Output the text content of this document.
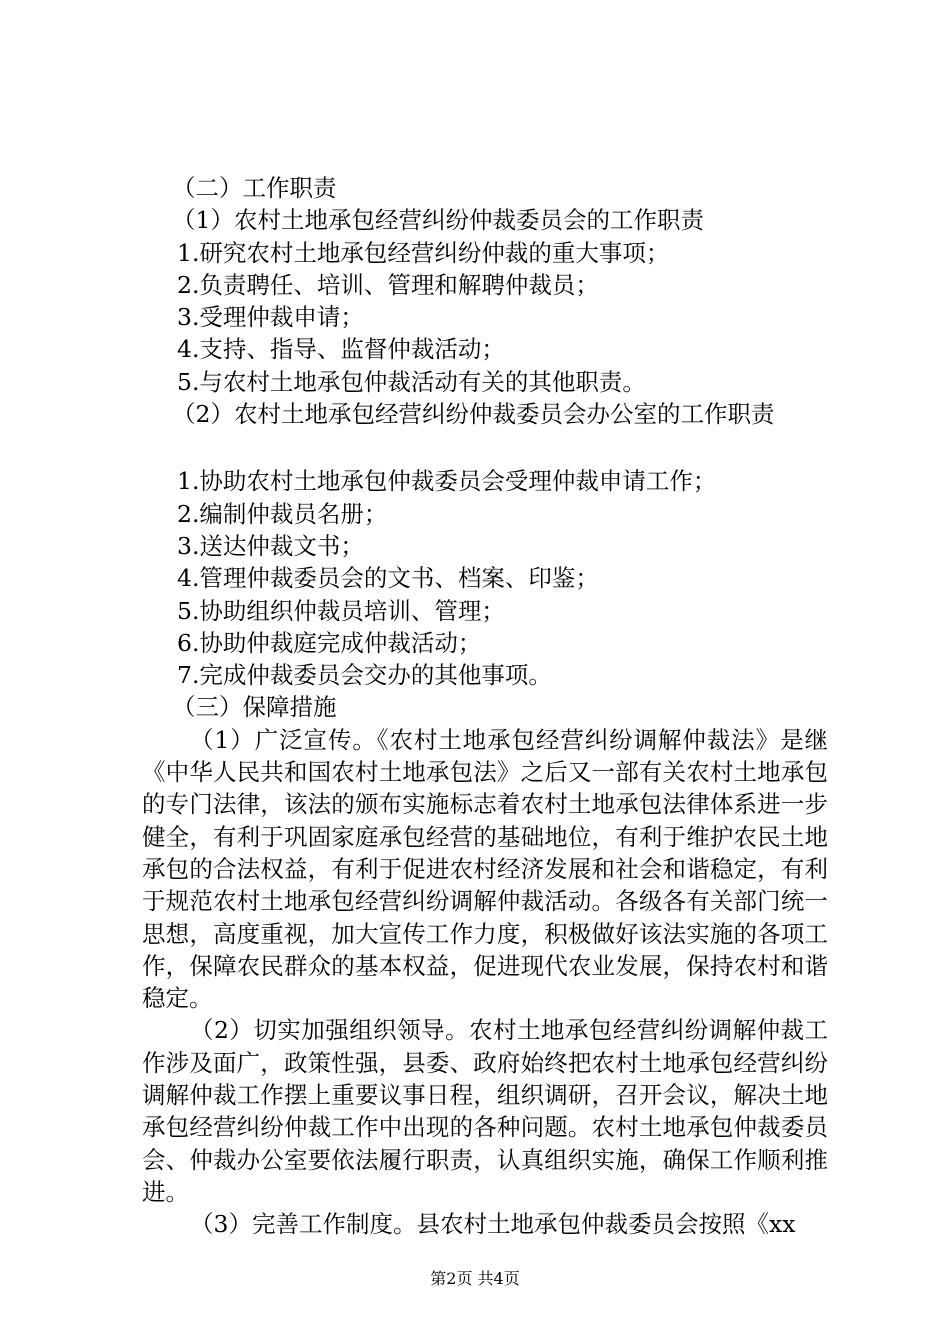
（二）工作职责
（1）农村土地承包经营纠纷仲裁委员会的工作职责
1.研究农村土地承包经营纠纷仲裁的重大事项；
2.负责聘任、培训、管理和解聘仲裁员；
3.受理仲裁申请；
4.支持、指导、监督仲裁活动；
5.与农村土地承包仲裁活动有关的其他职责。
（2）农村土地承包经营纠纷仲裁委员会办公室的工作职责
1.协助农村土地承包仲裁委员会受理仲裁申请工作；
2.编制仲裁员名册；
3.送达仲裁文书；
4.管理仲裁委员会的文书、档案、印鉴；
5.协助组织仲裁员培训、管理；
6.协助仲裁庭完成仲裁活动；
7.完成仲裁委员会交办的其他事项。
（三）保障措施
（1）广泛宣传。《农村土地承包经营纠纷调解仲裁法》是继《中华人民共和国农村土地承包法》之后又一部有关农村土地承包的专门法律，该法的颁布实施标志着农村土地承包法律体系进一步健全，有利于巩固家庭承包经营的基础地位，有利于维护农民土地承包的合法权益，有利于促进农村经济发展和社会和谐稳定，有利于规范农村土地承包经营纠纷调解仲裁活动。各级各有关部门统一思想，高度重视，加大宣传工作力度，积极做好该法实施的各项工作，保障农民群众的基本权益，促进现代农业发展，保持农村和谐稳定。
（2）切实加强组织领导。农村土地承包经营纠纷调解仲裁工作涉及面广，政策性强，县委、政府始终把农村土地承包经营纠纷调解仲裁工作摆上重要议事日程，组织调研，召开会议，解决土地承包经营纠纷仲裁工作中出现的各种问题。农村土地承包仲裁委员会、仲裁办公室要依法履行职责，认真组织实施，确保工作顺利推进。
（3）完善工作制度。县农村土地承包仲裁委员会按照《xx
第2页 共4页
